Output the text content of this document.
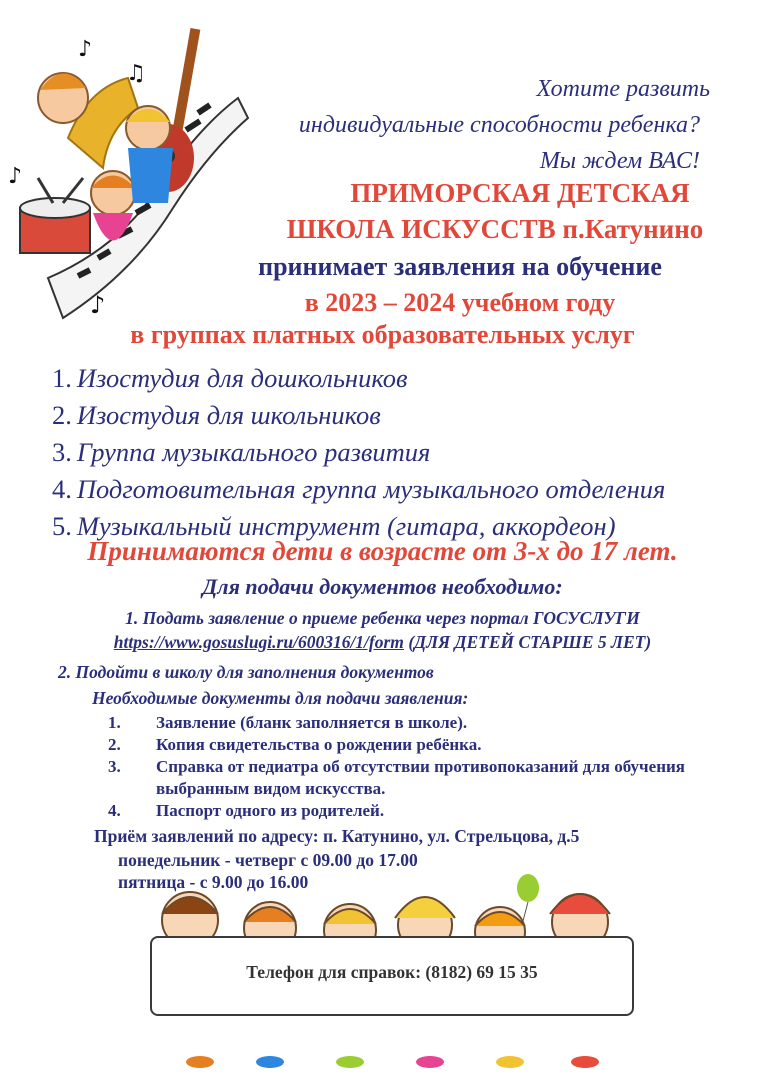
♪
♫
♪
♪
Хотите развить
индивидуальные способности ребенка?
Мы ждем ВАС!
ПРИМОРСКАЯ ДЕТСКАЯ
ШКОЛА ИСКУССТВ п.Катунино
принимает заявления на обучение
в 2023 – 2024 учебном году
в группах платных образовательных услуг
1. Изостудия для дошкольников
2. Изостудия для школьников
3. Группа музыкального развития
4. Подготовительная группа музыкального отделения
5. Музыкальный инструмент (гитара, аккордеон)
Принимаются дети в возрасте от 3-х до 17 лет.
Для подачи документов необходимо:
1. Подать заявление о приеме ребенка через портал ГОСУСЛУГИ
https://www.gosuslugi.ru/600316/1/form (ДЛЯ ДЕТЕЙ СТАРШЕ 5 ЛЕТ)
2. Подойти в школу для заполнения документов
Необходимые документы для подачи заявления:
1.	Заявление (бланк заполняется в школе).
2.	Копия свидетельства о рождении ребёнка.
3.	Справка от педиатра об отсутствии противопоказаний для обучения выбранным видом искусства.
4.	Паспорт одного из родителей.
Приём заявлений по адресу: п. Катунино, ул. Стрельцова, д.5
понедельник - четверг с 09.00 до 17.00
пятница - с 9.00 до 16.00
Телефон для справок: (8182) 69 15 35
